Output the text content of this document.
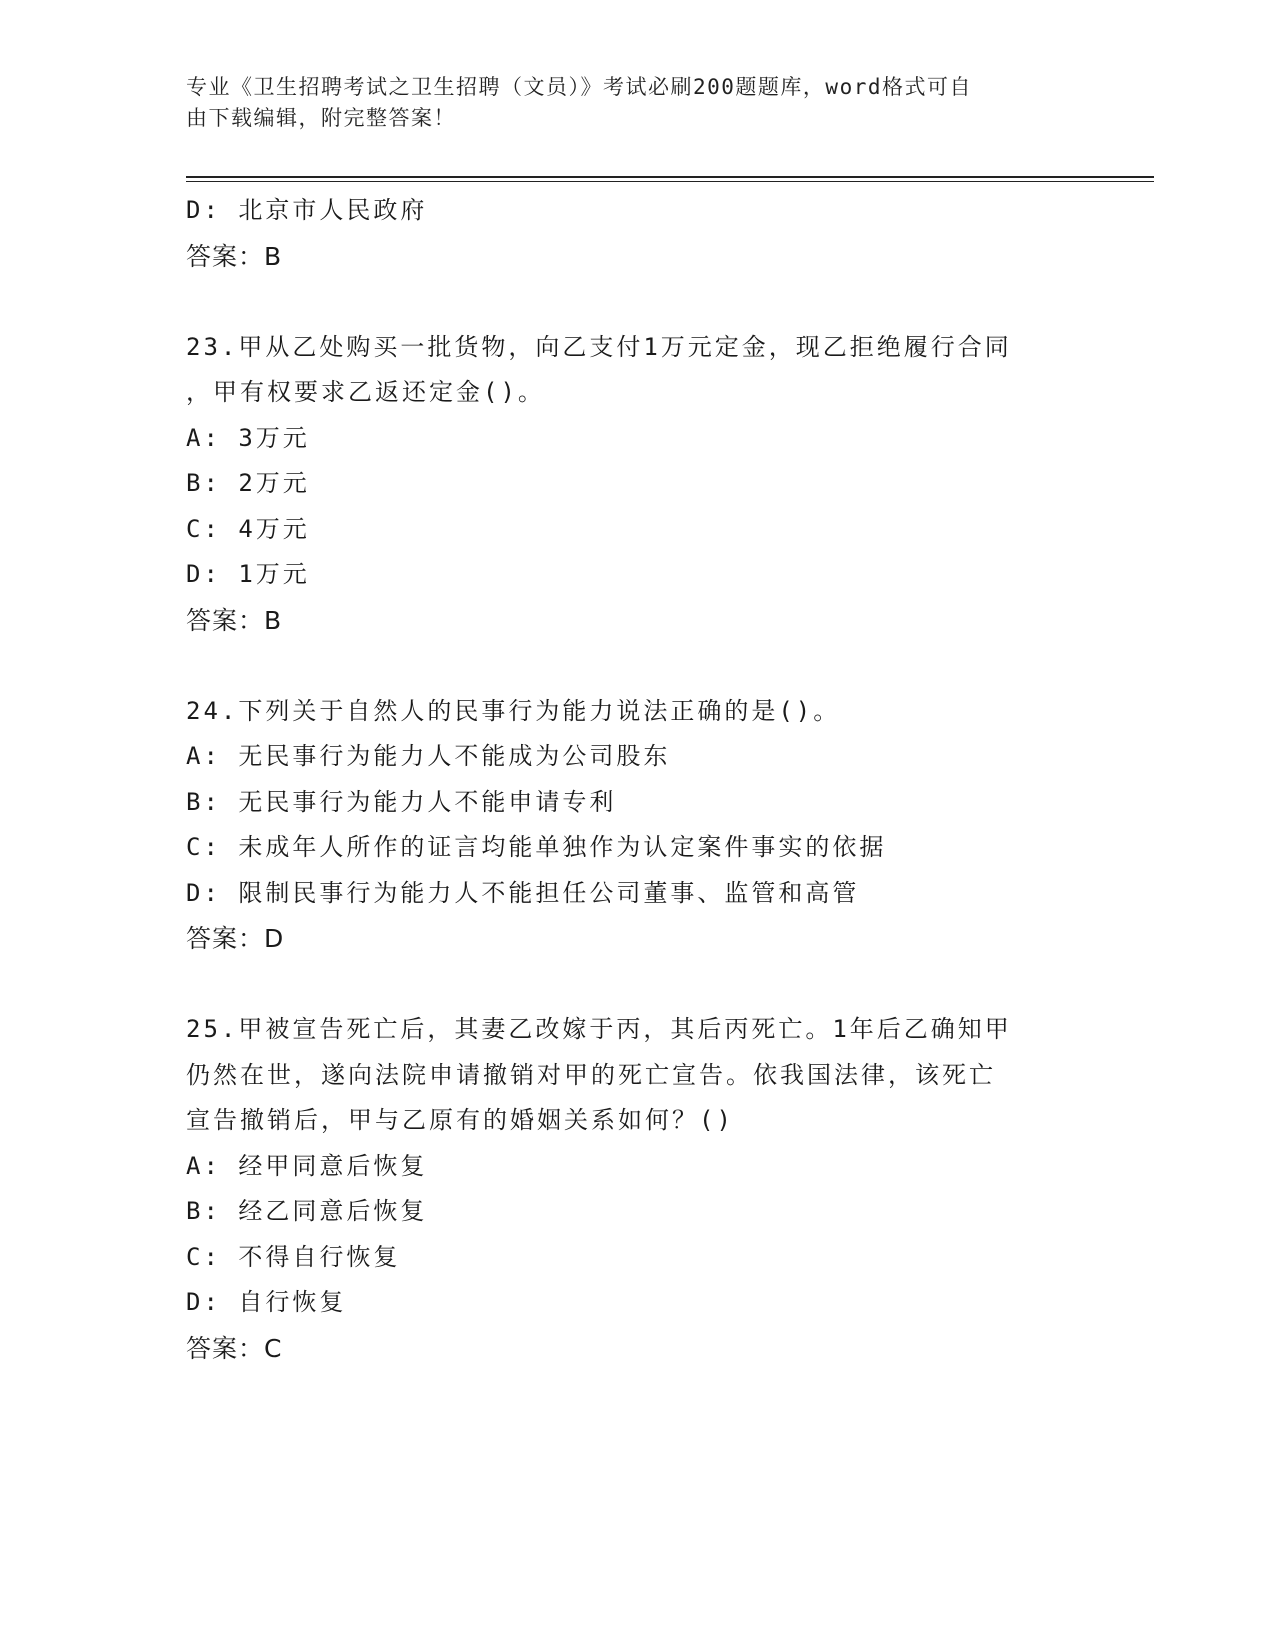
专业《卫生招聘考试之卫生招聘（文员）》考试必刷200题题库，word格式可自
由下载编辑，附完整答案！
D: 北京市人民政府
答案：B
23.甲从乙处购买一批货物，向乙支付1万元定金，现乙拒绝履行合同
，甲有权要求乙返还定金()。
A: 3万元
B: 2万元
C: 4万元
D: 1万元
答案：B
24.下列关于自然人的民事行为能力说法正确的是()。
A: 无民事行为能力人不能成为公司股东
B: 无民事行为能力人不能申请专利
C: 未成年人所作的证言均能单独作为认定案件事实的依据
D: 限制民事行为能力人不能担任公司董事、监管和高管
答案：D
25.甲被宣告死亡后，其妻乙改嫁于丙，其后丙死亡。1年后乙确知甲
仍然在世，遂向法院申请撤销对甲的死亡宣告。依我国法律，该死亡
宣告撤销后，甲与乙原有的婚姻关系如何？()
A: 经甲同意后恢复
B: 经乙同意后恢复
C: 不得自行恢复
D: 自行恢复
答案：C
